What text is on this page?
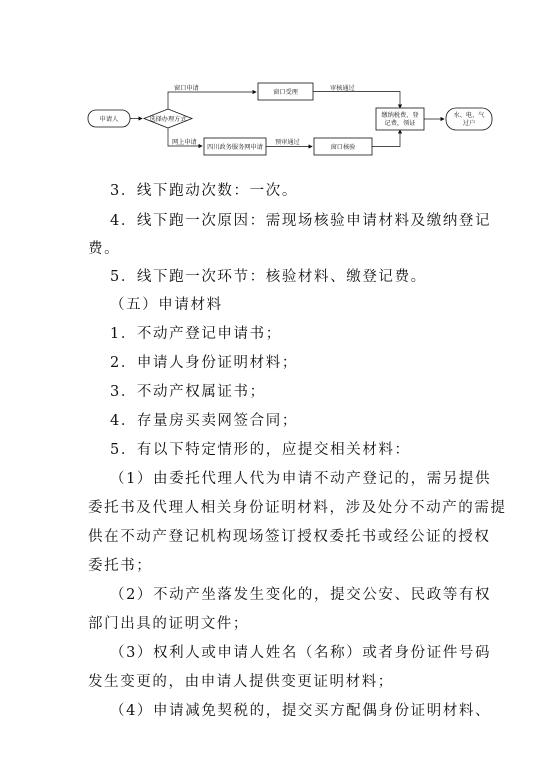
申请人	选择办理方式
窗口申请
窗口受理
审核通过
网上申请
四川政务服务网申请
预审通过
窗口核验
缴纳税费、登
记费，领证
水、电、气
过户
3．线下跑动次数：一次。
4．线下跑一次原因：需现场核验申请材料及缴纳登记
费。
5．线下跑一次环节：核验材料、缴登记费。
（五）申请材料
1．不动产登记申请书；
2．申请人身份证明材料；
3．不动产权属证书；
4．存量房买卖网签合同；
5．有以下特定情形的，应提交相关材料：
（1）由委托代理人代为申请不动产登记的，需另提供
委托书及代理人相关身份证明材料，涉及处分不动产的需提
供在不动产登记机构现场签订授权委托书或经公证的授权
委托书；
（2）不动产坐落发生变化的，提交公安、民政等有权
部门出具的证明文件；
（3）权利人或申请人姓名（名称）或者身份证件号码
发生变更的，由申请人提供变更证明材料；
（4）申请减免契税的，提交买方配偶身份证明材料、
